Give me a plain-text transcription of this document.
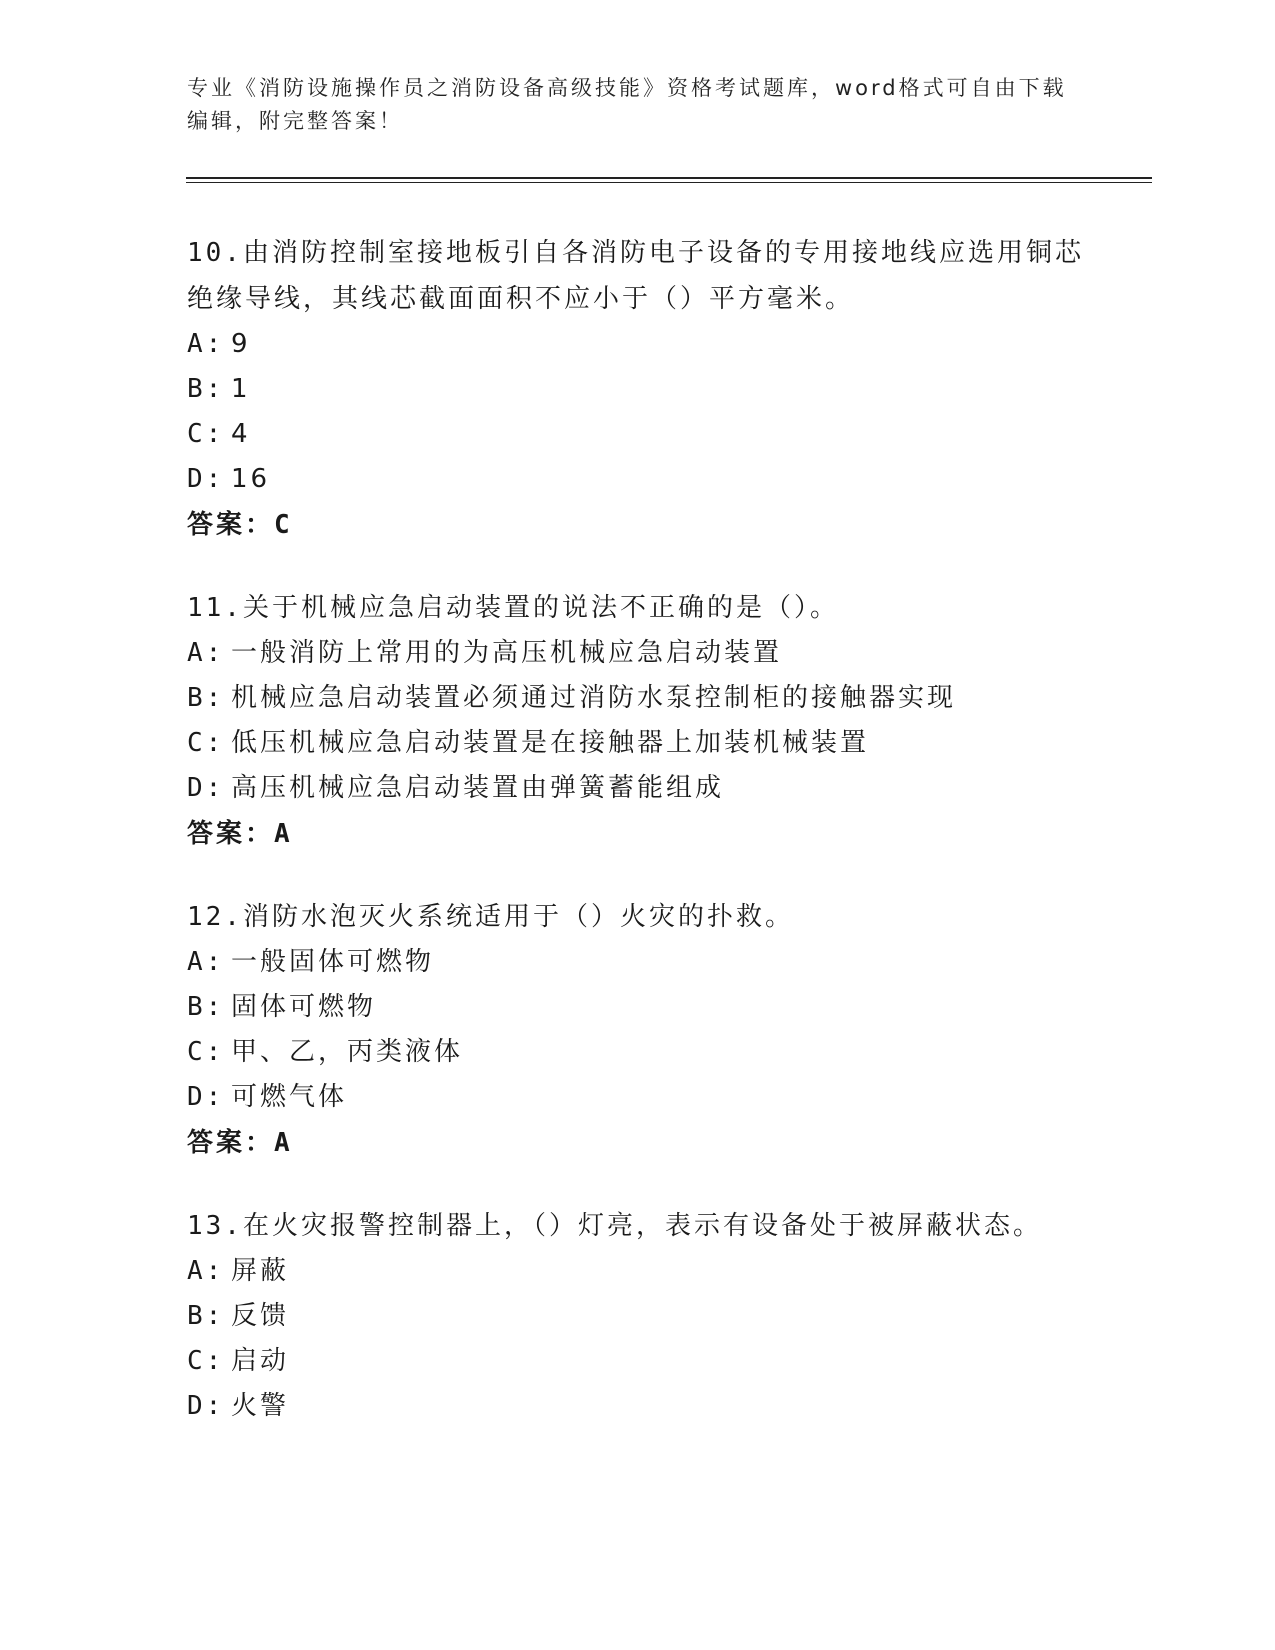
专业《消防设施操作员之消防设备高级技能》资格考试题库，word格式可自由下载编辑，附完整答案！

10.由消防控制室接地板引自各消防电子设备的专用接地线应选用铜芯绝缘导线，其线芯截面面积不应小于（）平方毫米。

A: 9
B: 1
C: 4
D: 16
答案：C

11.关于机械应急启动装置的说法不正确的是（）。

A: 一般消防上常用的为高压机械应急启动装置
B: 机械应急启动装置必须通过消防水泵控制柜的接触器实现
C: 低压机械应急启动装置是在接触器上加装机械装置
D: 高压机械应急启动装置由弹簧蓄能组成
答案：A

12.消防水泡灭火系统适用于（）火灾的扑救。

A: 一般固体可燃物
B: 固体可燃物
C: 甲、乙，丙类液体
D: 可燃气体
答案：A

13.在火灾报警控制器上，（）灯亮，表示有设备处于被屏蔽状态。

A: 屏蔽
B: 反馈
C: 启动
D: 火警
